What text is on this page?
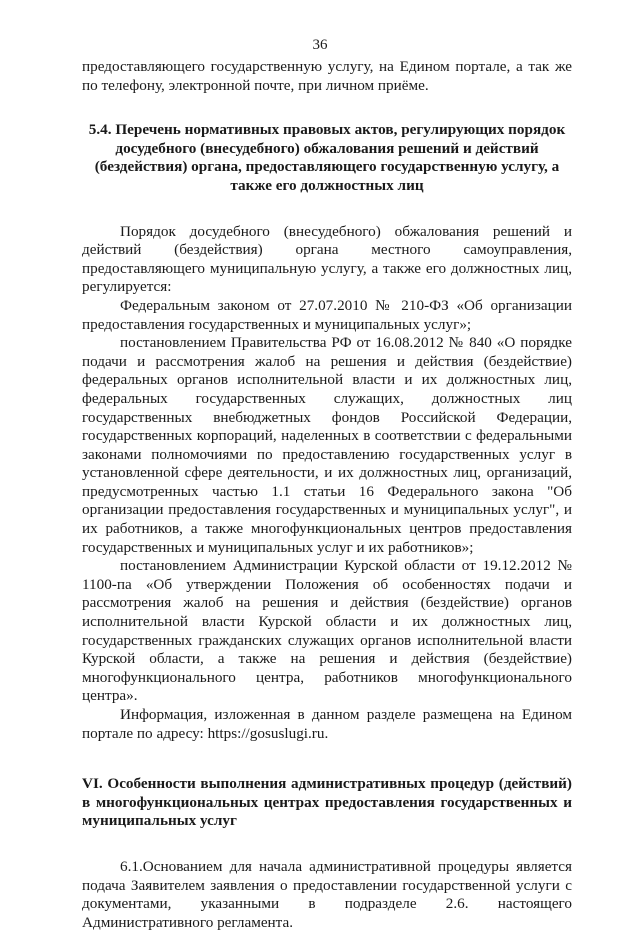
36

предоставляющего государственную услугу, на Едином портале, а так же по телефону, электронной почте, при личном приёме.

5.4. Перечень нормативных правовых актов, регулирующих порядок досудебного (внесудебного) обжалования решений и действий (бездействия) органа, предоставляющего государственную услугу, а также его должностных лиц

Порядок досудебного (внесудебного) обжалования решений и действий (бездействия) органа местного самоуправления, предоставляющего муниципальную услугу, а также его должностных лиц, регулируется:

Федеральным законом от 27.07.2010 № 210-ФЗ «Об организации предоставления государственных и муниципальных услуг»;

постановлением Правительства РФ от 16.08.2012 № 840 «О порядке подачи и рассмотрения жалоб на решения и действия (бездействие) федеральных органов исполнительной власти и их должностных лиц, федеральных государственных служащих, должностных лиц государственных внебюджетных фондов Российской Федерации, государственных корпораций, наделенных в соответствии с федеральными законами полномочиями по предоставлению государственных услуг в установленной сфере деятельности, и их должностных лиц, организаций, предусмотренных частью 1.1 статьи 16 Федерального закона "Об организации предоставления государственных и муниципальных услуг", и их работников, а также многофункциональных центров предоставления государственных и муниципальных услуг и их работников»;

постановлением Администрации Курской области от 19.12.2012 № 1100-па «Об утверждении Положения об особенностях подачи и рассмотрения жалоб на решения и действия (бездействие) органов исполнительной власти Курской области и их должностных лиц, государственных гражданских служащих органов исполнительной власти Курской области, а также на решения и действия (бездействие) многофункционального центра, работников многофункционального центра».

Информация, изложенная в данном разделе размещена на Едином портале по адресу: https://gosuslugi.ru.

VI. Особенности выполнения административных процедур (действий) в многофункциональных центрах предоставления государственных и муниципальных услуг

6.1.Основанием для начала административной процедуры является подача Заявителем заявления о предоставлении государственной услуги с документами, указанными в подразделе 2.6. настоящего Административного регламента.
